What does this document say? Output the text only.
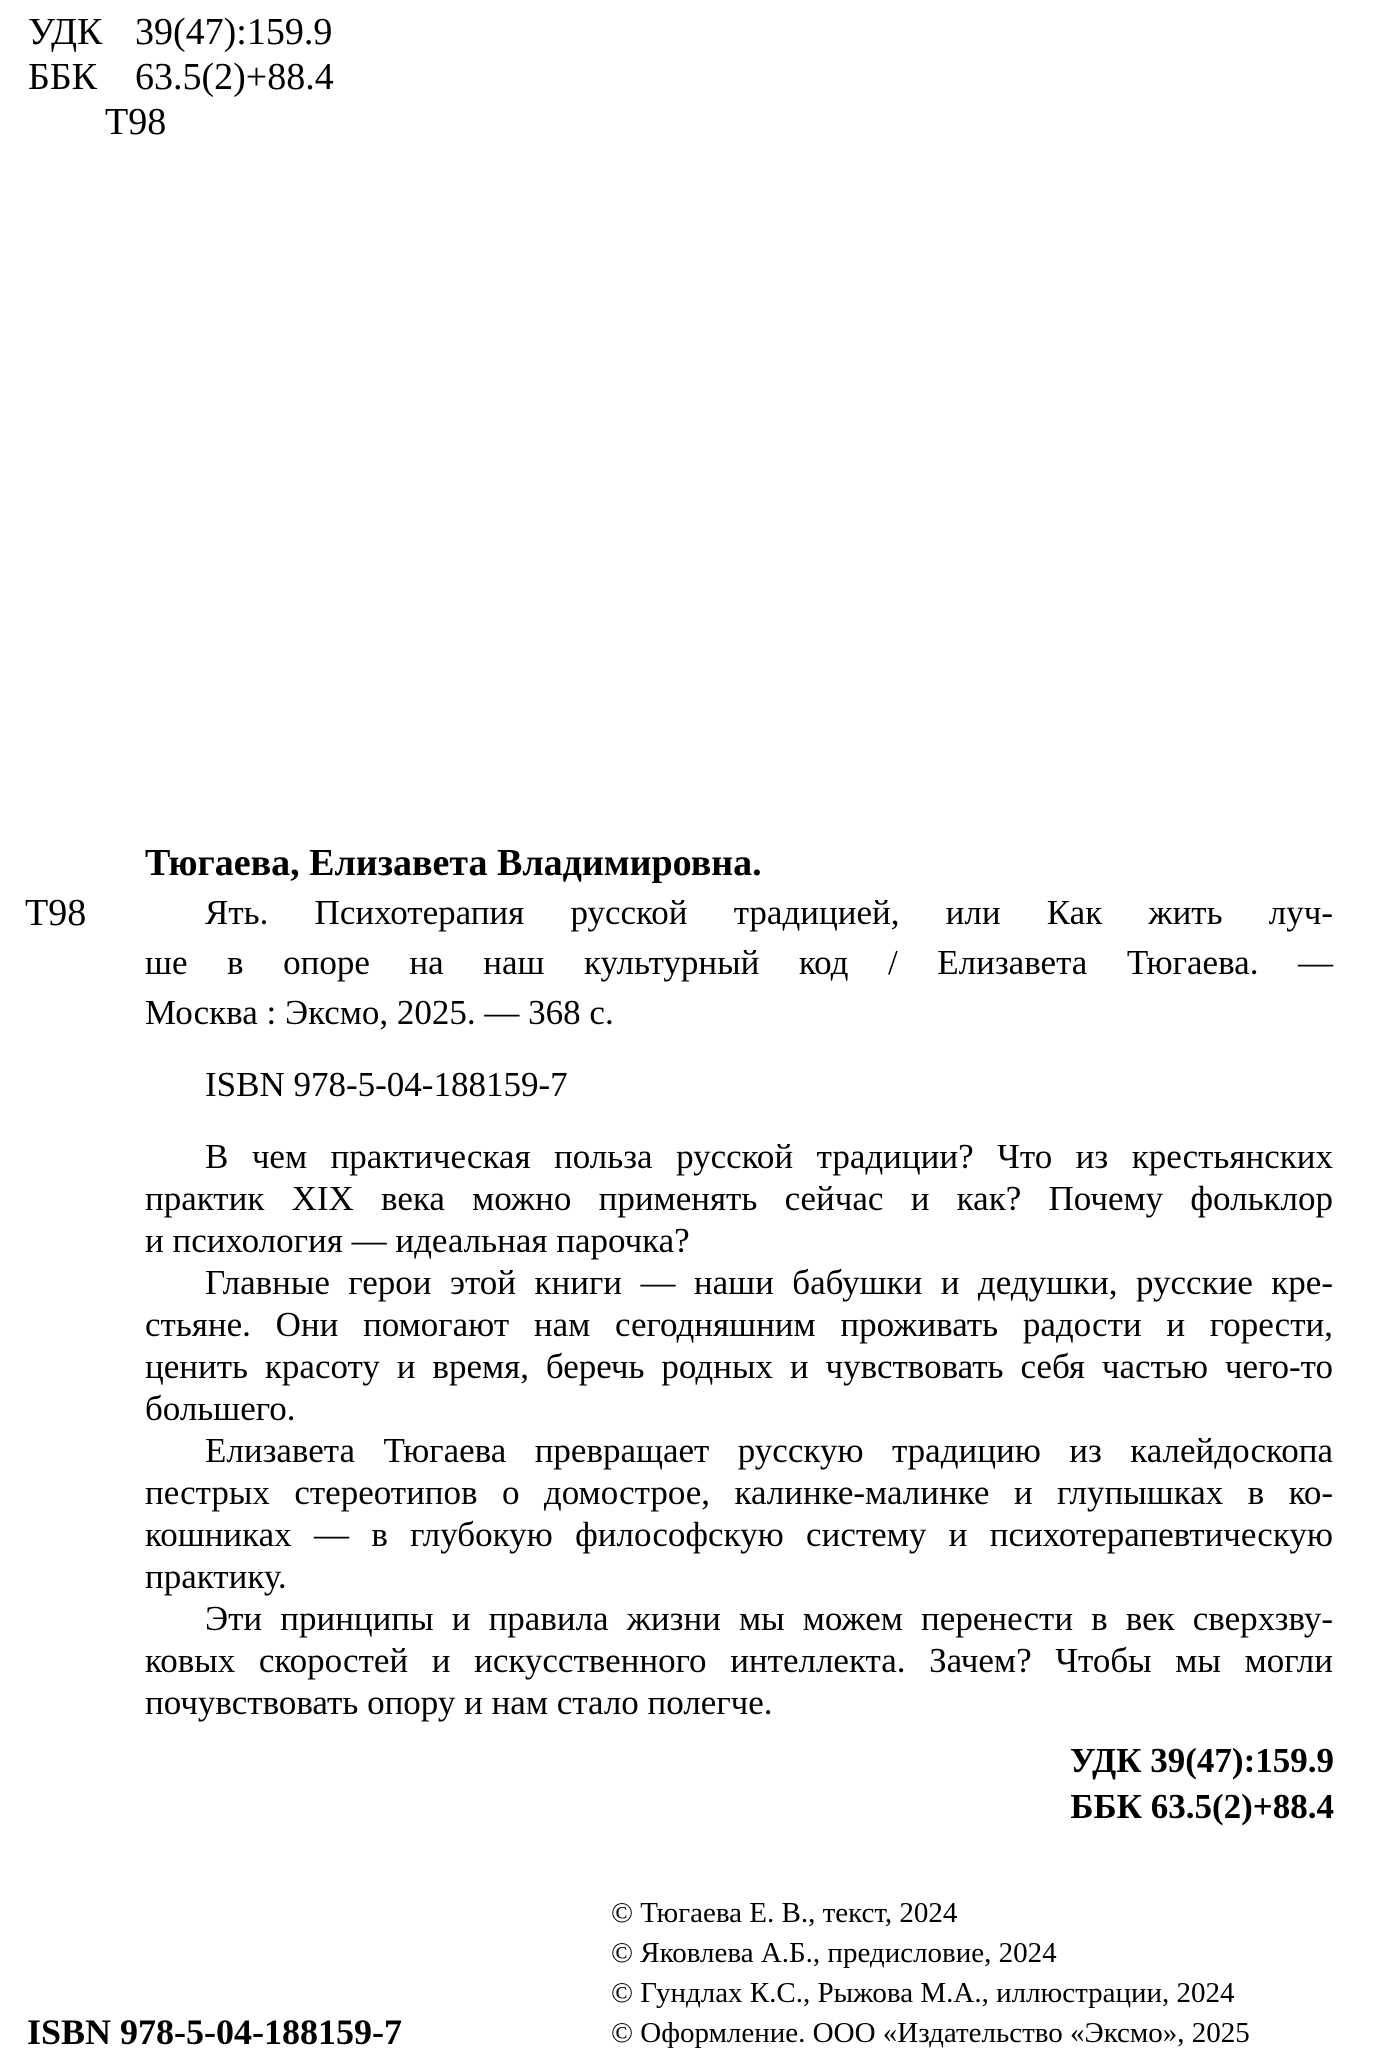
УДК 39(47):159.9
ББК 63.5(2)+88.4
Т98
Т98
Тюгаева, Елизавета Владимировна.
Ять. Психотерапия русской традицией, или Как жить луч-
ше в опоре на наш культурный код / Елизавета Тюгаева. —
Москва : Эксмо, 2025. — 368 с.
ISBN 978-5-04-188159-7
В чем практическая польза русской традиции? Что из крестьянских
практик XIX века можно применять сейчас и как? Почему фольклор
и психология — идеальная парочка?
Главные герои этой книги — наши бабушки и дедушки, русские кре-
стьяне. Они помогают нам сегодняшним проживать радости и горести,
ценить красоту и время, беречь родных и чувствовать себя частью чего-то
большего.
Елизавета Тюгаева превращает русскую традицию из калейдоскопа
пестрых стереотипов о домострое, калинке-малинке и глупышках в ко-
кошниках — в глубокую философскую систему и психотерапевтическую
практику.
Эти принципы и правила жизни мы можем перенести в век сверхзву-
ковых скоростей и искусственного интеллекта. Зачем? Чтобы мы могли
почувствовать опору и нам стало полегче.
УДК 39(47):159.9
ББК 63.5(2)+88.4
© Тюгаева Е. В., текст, 2024
© Яковлева А.Б., предисловие, 2024
© Гундлах К.С., Рыжова М.А., иллюстрации, 2024
© Оформление. ООО «Издательство «Эксмо», 2025
ISBN 978-5-04-188159-7
